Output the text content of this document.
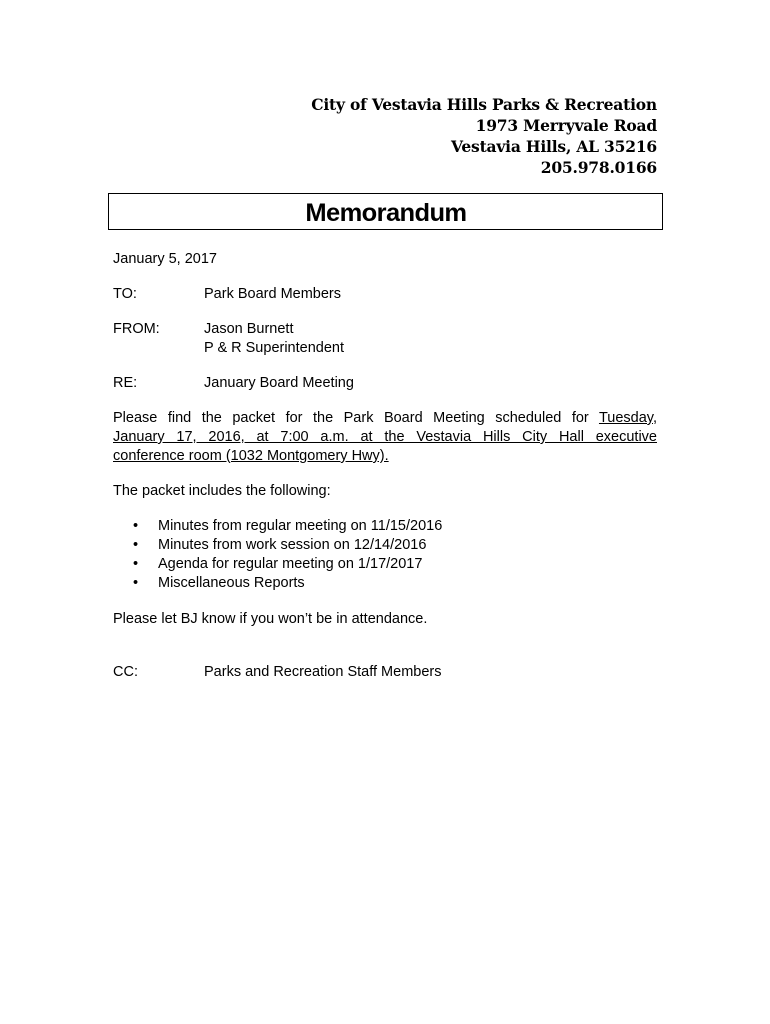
City of Vestavia Hills Parks & Recreation
1973 Merryvale Road
Vestavia Hills, AL 35216
205.978.0166
Memorandum
January 5, 2017
TO:	Park Board Members
FROM:	Jason Burnett
P & R Superintendent
RE:	January Board Meeting
Please find the packet for the Park Board Meeting scheduled for Tuesday,
January 17, 2016, at 7:00 a.m. at the Vestavia Hills City Hall executive
conference room (1032 Montgomery Hwy).
The packet includes the following:
• Minutes from regular meeting on 11/15/2016
• Minutes from work session on 12/14/2016
• Agenda for regular meeting on 1/17/2017
• Miscellaneous Reports
Please let BJ know if you won’t be in attendance.
CC:	Parks and Recreation Staff Members
